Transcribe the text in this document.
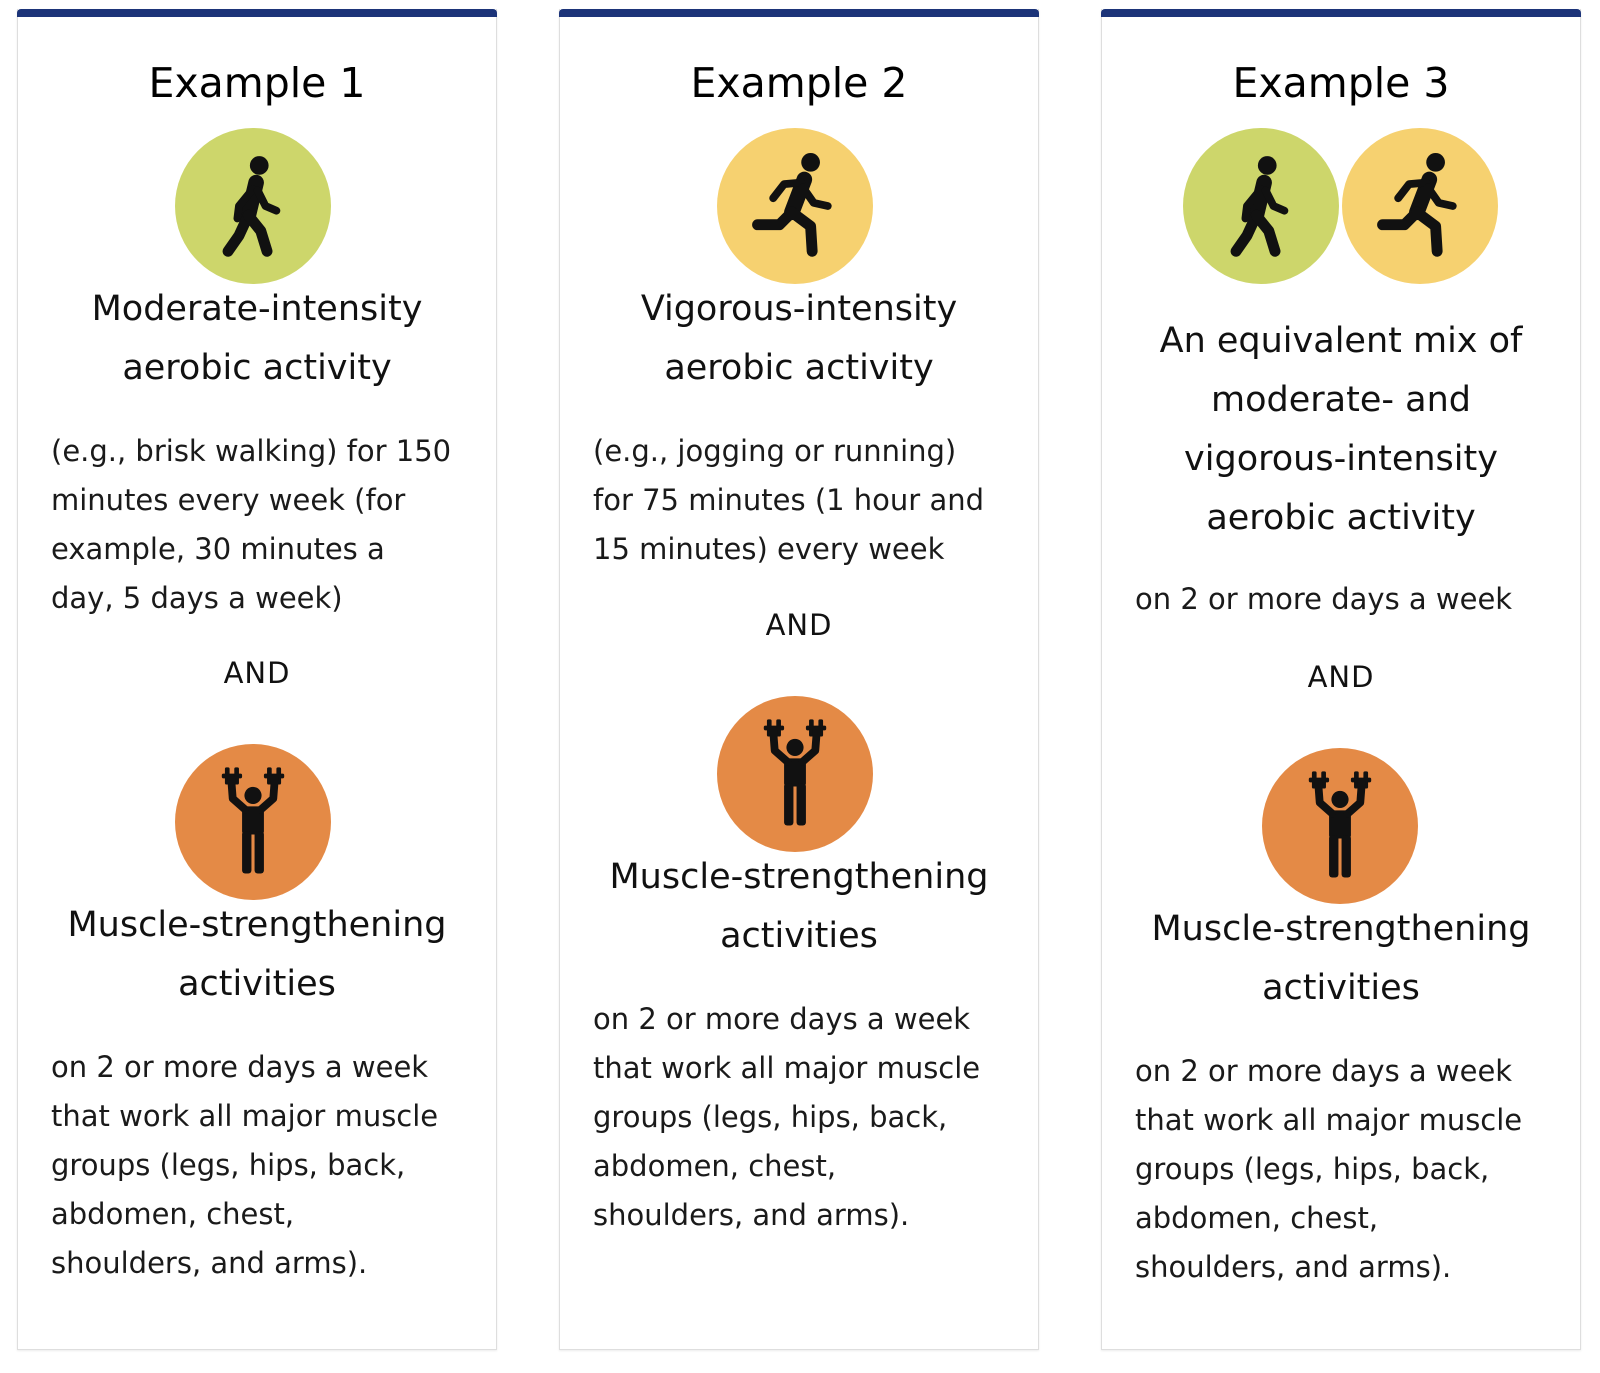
Example 1
Moderate-intensity
aerobic activity
(e.g., brisk walking) for 150
minutes every week (for
example, 30 minutes a
day, 5 days a week)
AND
Muscle-strengthening
activities
on 2 or more days a week
that work all major muscle
groups (legs, hips, back,
abdomen, chest,
shoulders, and arms).
Example 2
Vigorous-intensity
aerobic activity
(e.g., jogging or running)
for 75 minutes (1 hour and
15 minutes) every week
AND
Muscle-strengthening
activities
on 2 or more days a week
that work all major muscle
groups (legs, hips, back,
abdomen, chest,
shoulders, and arms).
Example 3
An equivalent mix of
moderate- and
vigorous-intensity
aerobic activity
on 2 or more days a week
AND
Muscle-strengthening
activities
on 2 or more days a week
that work all major muscle
groups (legs, hips, back,
abdomen, chest,
shoulders, and arms).
